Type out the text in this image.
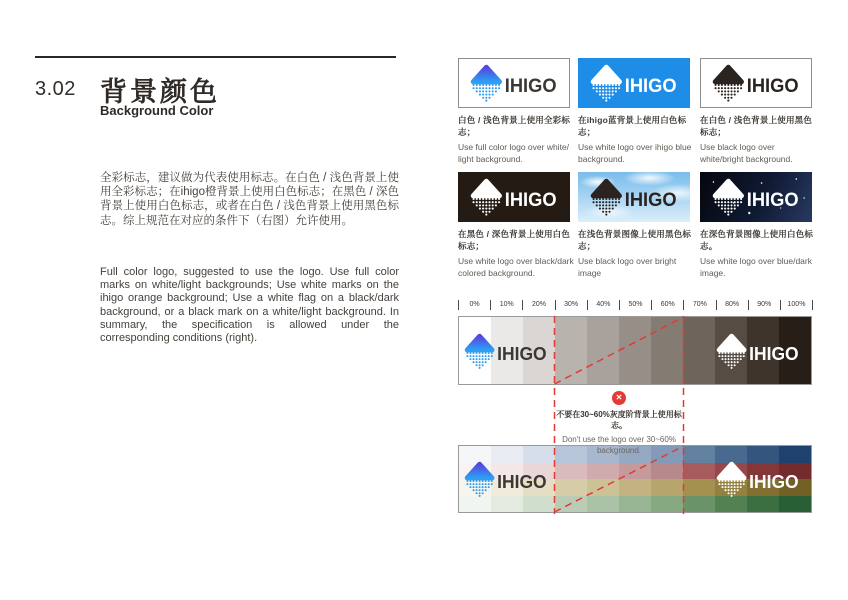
3.02 背景颜色
Background Color
全彩标志，建议做为代表使用标志。在白色 / 浅色背景上使用全彩标志；在ihigo橙背景上使用白色标志；在黑色 / 深色背景上使用白色标志，或者在白色 / 浅色背景上使用黑色标志。综上规范在对应的条件下（右图）允许使用。
Full color logo, suggested to use the logo. Use full color marks on white/light backgrounds; Use white marks on the ihigo orange background; Use a white flag on a black/dark background, or a black mark on a white/light background. In summary, the specification is allowed under the corresponding conditions (right).
IHIGO
白色 / 浅色背景上使用全彩标志；
Use full color logo over white/ light background.
IHIGO
在ihigo蓝背景上使用白色标志；
Use white logo over ihigo blue background.
IHIGO
在白色 / 浅色背景上使用黑色标志；
Use black logo over white/bright background.
IHIGO
在黑色 / 深色背景上使用白色标志；
Use white logo over black/dark colored background.
IHIGO
在浅色背景图像上使用黑色标志；
Use black logo over bright image
IHIGO
在深色背景图像上使用白色标志。
Use white logo over blue/dark image.
0%	10%	20%	30%	40%	50%	60%	70%	80%	90%	100%
IHIGO	IHIGO
✕
不要在30~60%灰度阶背景上使用标志。
Don't use the logo over 30~60%
background.
IHIGO	IHIGO
